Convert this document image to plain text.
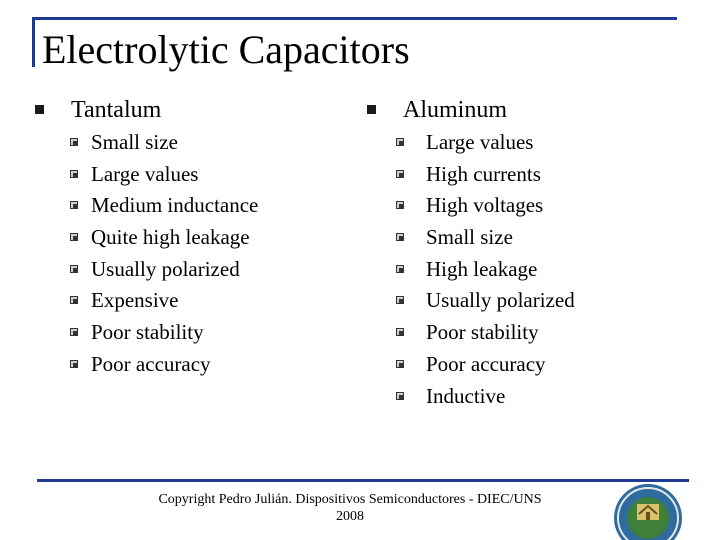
Electrolytic Capacitors
Tantalum
Small size
Large values
Medium inductance
Quite high leakage
Usually polarized
Expensive
Poor stability
Poor accuracy
Aluminum
Large values
High currents
High voltages
Small size
High leakage
Usually polarized
Poor stability
Poor accuracy
Inductive
Copyright Pedro Julián. Dispositivos Semiconductores - DIEC/UNS
2008
